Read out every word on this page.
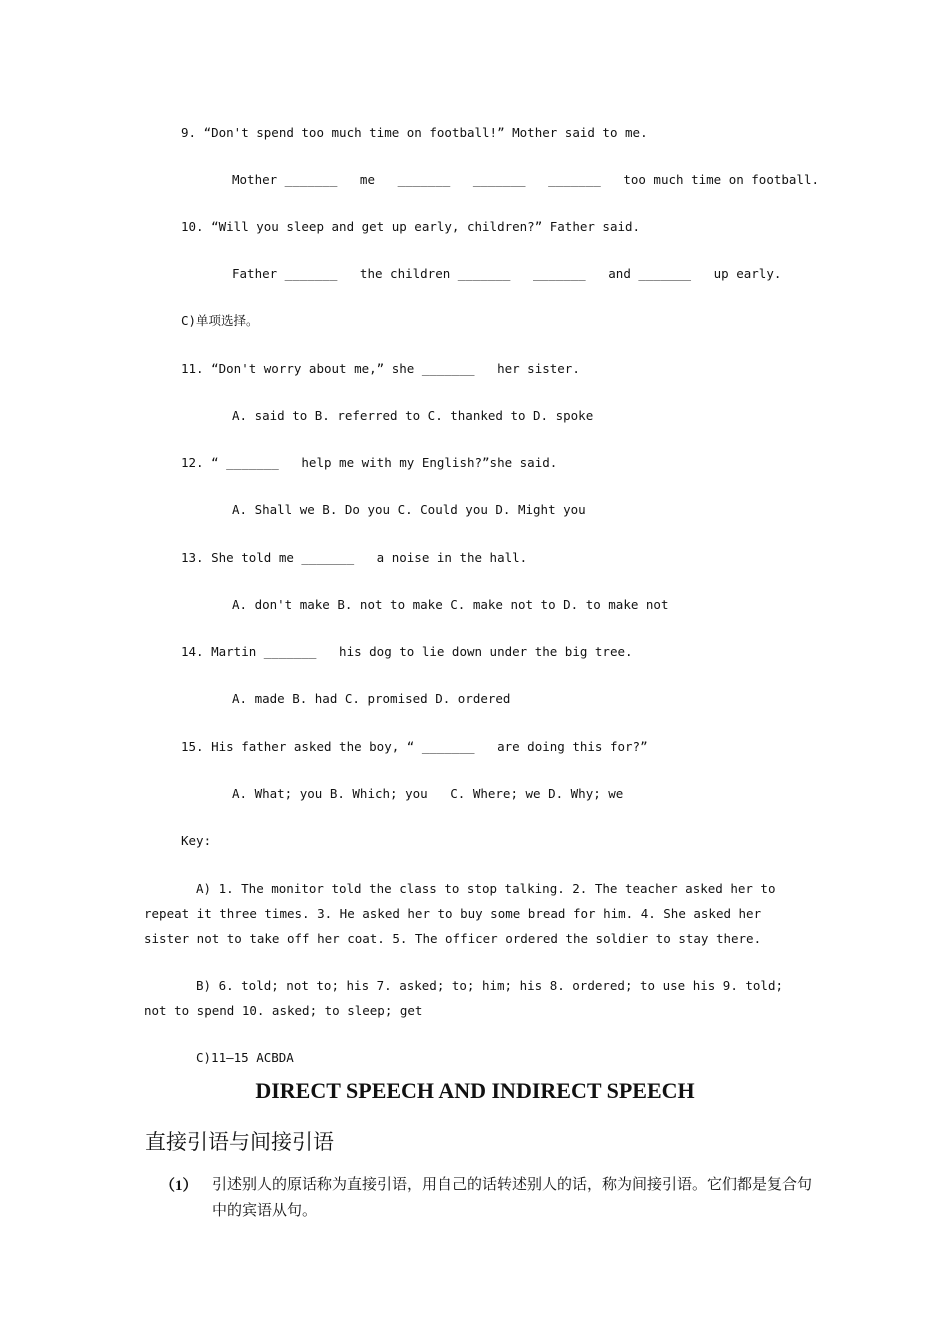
9. “Don't spend too much time on football!” Mother said to me.
Mother _______   me   _______   _______   _______   too much time on football.
10. “Will you sleep and get up early, children?” Father said.
Father _______   the children _______   _______   and _______   up early.
C)单项选择。
11. “Don't worry about me,” she _______   her sister.
A. said to B. referred to C. thanked to D. spoke
12. “ _______   help me with my English?”she said.
A. Shall we B. Do you C. Could you D. Might you
13. She told me _______   a noise in the hall.
A. don't make B. not to make C. make not to D. to make not
14. Martin _______   his dog to lie down under the big tree.
A. made B. had C. promised D. ordered
15. His father asked the boy, “ _______   are doing this for?”
A. What; you B. Which; you   C. Where; we D. Why; we
Key:
A) 1. The monitor told the class to stop talking. 2. The teacher asked her to repeat it three times. 3. He asked her to buy some bread for him. 4. She asked her sister not to take off her coat. 5. The officer ordered the soldier to stay there.
B) 6. told; not to; his 7. asked; to; him; his 8. ordered; to use his 9. told; not to spend 10. asked; to sleep; get
C)11—15 ACBDA
DIRECT SPEECH AND INDIRECT SPEECH
直接引语与间接引语
（1） 引述别人的原话称为直接引语，用自己的话转述别人的话，称为间接引语。它们都是复合句中的宾语从句。
